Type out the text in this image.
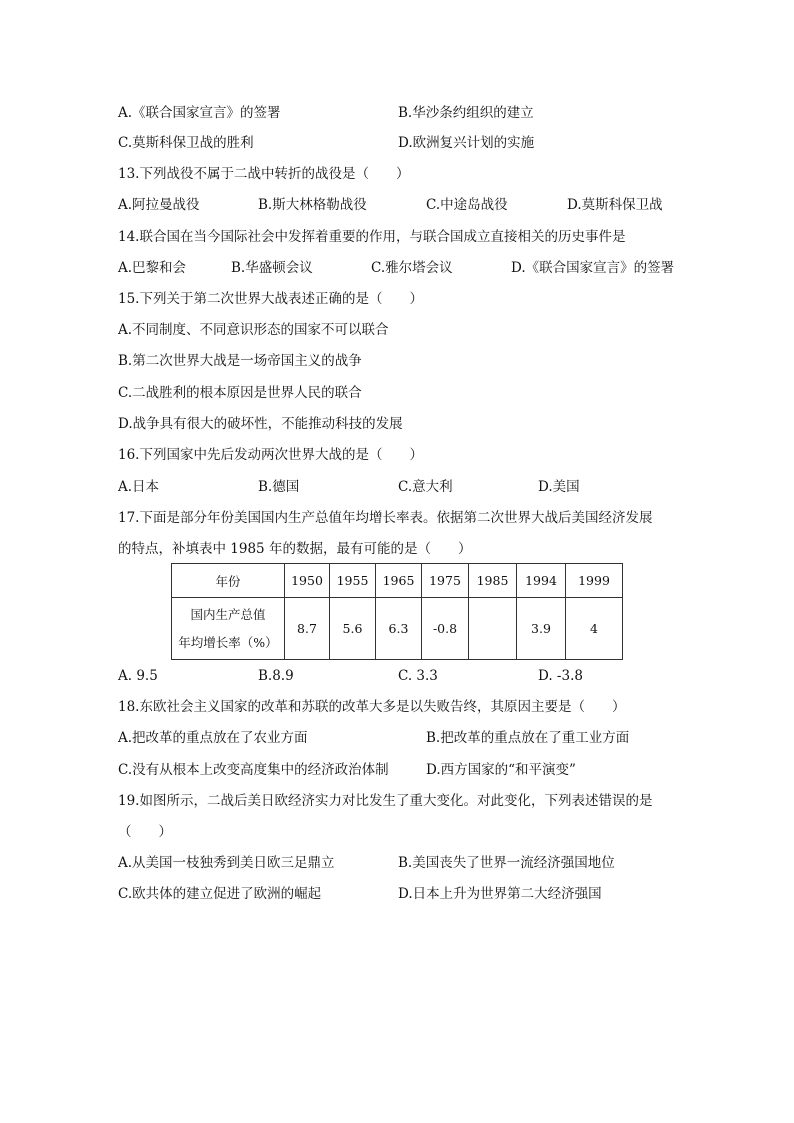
A.《联合国家宣言》的签署	B.华沙条约组织的建立
C.莫斯科保卫战的胜利	D.欧洲复兴计划的实施
13.下列战役不属于二战中转折的战役是（　　）
A.阿拉曼战役	B.斯大林格勒战役	C.中途岛战役	D.莫斯科保卫战
14.联合国在当今国际社会中发挥着重要的作用，与联合国成立直接相关的历史事件是
A.巴黎和会	B.华盛顿会议	C.雅尔塔会议	D.《联合国家宣言》的签署
15.下列关于第二次世界大战表述正确的是（　　）
A.不同制度、不同意识形态的国家不可以联合
B.第二次世界大战是一场帝国主义的战争
C.二战胜利的根本原因是世界人民的联合
D.战争具有很大的破坏性，不能推动科技的发展
16.下列国家中先后发动两次世界大战的是（　　）
A.日本	B.德国	C.意大利	D.美国
17.下面是部分年份美国国内生产总值年均增长率表。依据第二次世界大战后美国经济发展
的特点，补填表中 1985 年的数据，最有可能的是（　　）
年份	1950	1955	1965	1975	1985	1994	1999

国内生产总值
年均增长率（%）	8.7	5.6	6.3	-0.8		3.9	4
A. 9.5	B.8.9	C. 3.3	D. -3.8
18.东欧社会主义国家的改革和苏联的改革大多是以失败告终，其原因主要是（　　）
A.把改革的重点放在了农业方面	B.把改革的重点放在了重工业方面
C.没有从根本上改变高度集中的经济政治体制	D.西方国家的“和平演变”
19.如图所示，二战后美日欧经济实力对比发生了重大变化。对此变化，下列表述错误的是
（　　）
A.从美国一枝独秀到美日欧三足鼎立	B.美国丧失了世界一流经济强国地位
C.欧共体的建立促进了欧洲的崛起	D.日本上升为世界第二大经济强国
